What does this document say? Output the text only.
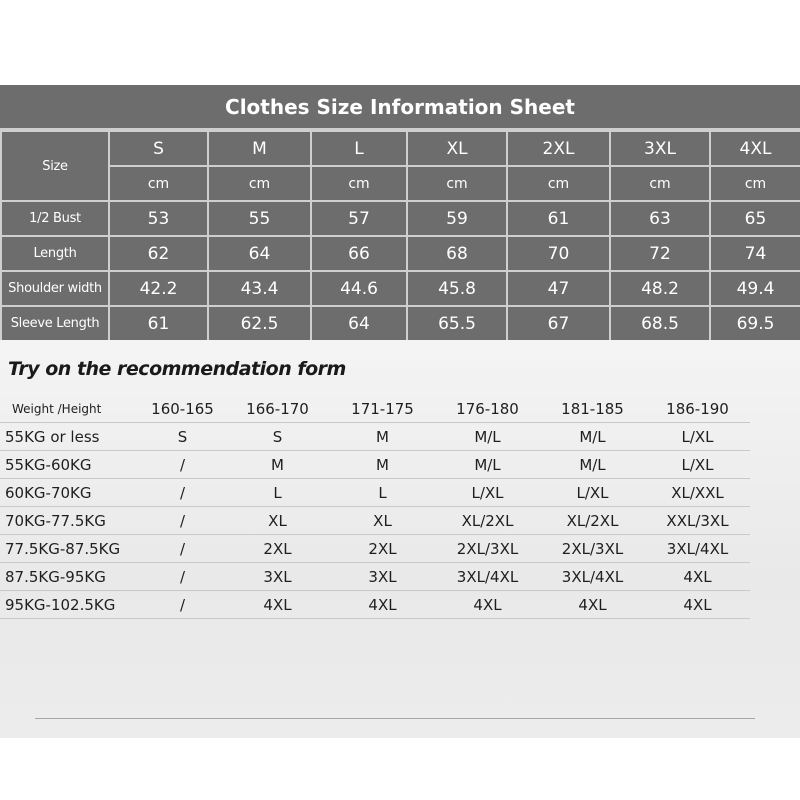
Clothes Size Information Sheet
Size	S	M	L	XL	2XL	3XL	4XL
	cm	cm	cm	cm	cm	cm	cm
1/2 Bust	53	55	57	59	61	63	65
Length	62	64	66	68	70	72	74
Shoulder width	42.2	43.4	44.6	45.8	47	48.2	49.4
Sleeve Length	61	62.5	64	65.5	67	68.5	69.5
Try on the recommendation form
Weight /Height	160-165	166-170	171-175	176-180	181-185	186-190
55KG or less	S	S	M	M/L	M/L	L/XL
55KG-60KG	/	M	M	M/L	M/L	L/XL
60KG-70KG	/	L	L	L/XL	L/XL	XL/XXL
70KG-77.5KG	/	XL	XL	XL/2XL	XL/2XL	XXL/3XL
77.5KG-87.5KG	/	2XL	2XL	2XL/3XL	2XL/3XL	3XL/4XL
87.5KG-95KG	/	3XL	3XL	3XL/4XL	3XL/4XL	4XL
95KG-102.5KG	/	4XL	4XL	4XL	4XL	4XL
